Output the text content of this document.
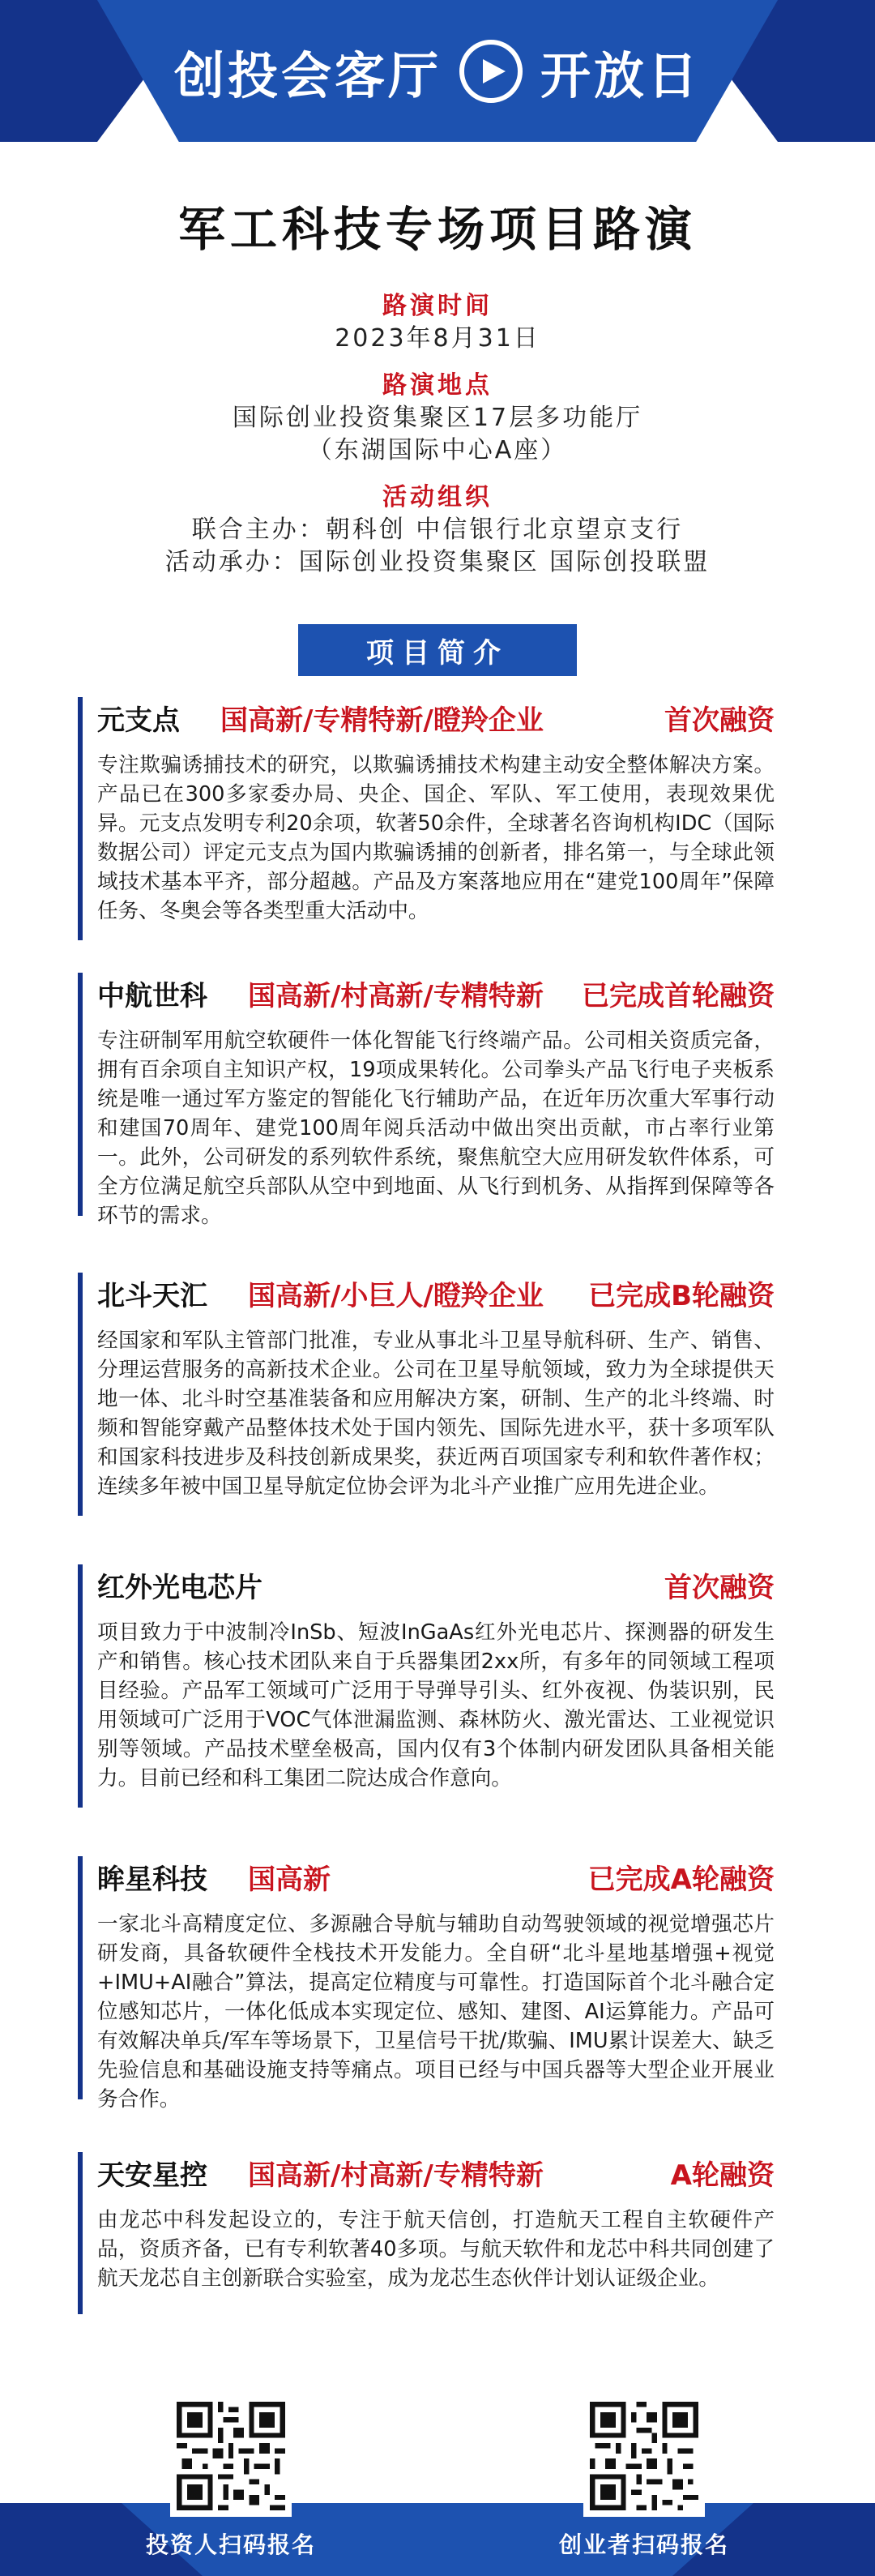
创投会客厅 开放日
军工科技专场项目路演
路演时间
2023年8月31日
路演地点
国际创业投资集聚区17层多功能厅
（东湖国际中心A座）
活动组织
联合主办：朝科创 中信银行北京望京支行
活动承办：国际创业投资集聚区 国际创投联盟
项目简介
元支点 国高新/专精特新/瞪羚企业	首次融资
专注欺骗诱捕技术的研究，以欺骗诱捕技术构建主动安全整体解决方案。产品已在300多家委办局、央企、国企、军队、军工使用，表现效果优异。元支点发明专利20余项，软著50余件，全球著名咨询机构IDC（国际数据公司）评定元支点为国内欺骗诱捕的创新者，排名第一，与全球此领域技术基本平齐，部分超越。产品及方案落地应用在“建党100周年”保障任务、冬奥会等各类型重大活动中。
中航世科 国高新/村高新/专精特新 已完成首轮融资
专注研制军用航空软硬件一体化智能飞行终端产品。公司相关资质完备，拥有百余项自主知识产权，19项成果转化。公司拳头产品飞行电子夹板系统是唯一通过军方鉴定的智能化飞行辅助产品，在近年历次重大军事行动和建国70周年、建党100周年阅兵活动中做出突出贡献，市占率行业第一。此外，公司研发的系列软件系统，聚焦航空大应用研发软件体系，可全方位满足航空兵部队从空中到地面、从飞行到机务、从指挥到保障等各环节的需求。
北斗天汇 国高新/小巨人/瞪羚企业 已完成B轮融资
经国家和军队主管部门批准，专业从事北斗卫星导航科研、生产、销售、分理运营服务的高新技术企业。公司在卫星导航领域，致力为全球提供天地一体、北斗时空基准装备和应用解决方案，研制、生产的北斗终端、时频和智能穿戴产品整体技术处于国内领先、国际先进水平，获十多项军队和国家科技进步及科技创新成果奖，获近两百项国家专利和软件著作权；连续多年被中国卫星导航定位协会评为北斗产业推广应用先进企业。
红外光电芯片	首次融资
项目致力于中波制冷InSb、短波InGaAs红外光电芯片、探测器的研发生产和销售。核心技术团队来自于兵器集团2xx所，有多年的同领域工程项目经验。产品军工领域可广泛用于导弹导引头、红外夜视、伪装识别，民用领域可广泛用于VOC气体泄漏监测、森林防火、激光雷达、工业视觉识别等领域。产品技术壁垒极高，国内仅有3个体制内研发团队具备相关能力。目前已经和科工集团二院达成合作意向。
眸星科技 国高新	已完成A轮融资
一家北斗高精度定位、多源融合导航与辅助自动驾驶领域的视觉增强芯片研发商，具备软硬件全栈技术开发能力。全自研“北斗星地基增强+视觉+IMU+AI融合”算法，提高定位精度与可靠性。打造国际首个北斗融合定位感知芯片，一体化低成本实现定位、感知、建图、AI运算能力。产品可有效解决单兵/军车等场景下，卫星信号干扰/欺骗、IMU累计误差大、缺乏先验信息和基础设施支持等痛点。项目已经与中国兵器等大型企业开展业务合作。
天安星控 国高新/村高新/专精特新	A轮融资
由龙芯中科发起设立的，专注于航天信创，打造航天工程自主软硬件产品，资质齐备，已有专利软著40多项。与航天软件和龙芯中科共同创建了航天龙芯自主创新联合实验室，成为龙芯生态伙伴计划认证级企业。
投资人扫码报名	创业者扫码报名
